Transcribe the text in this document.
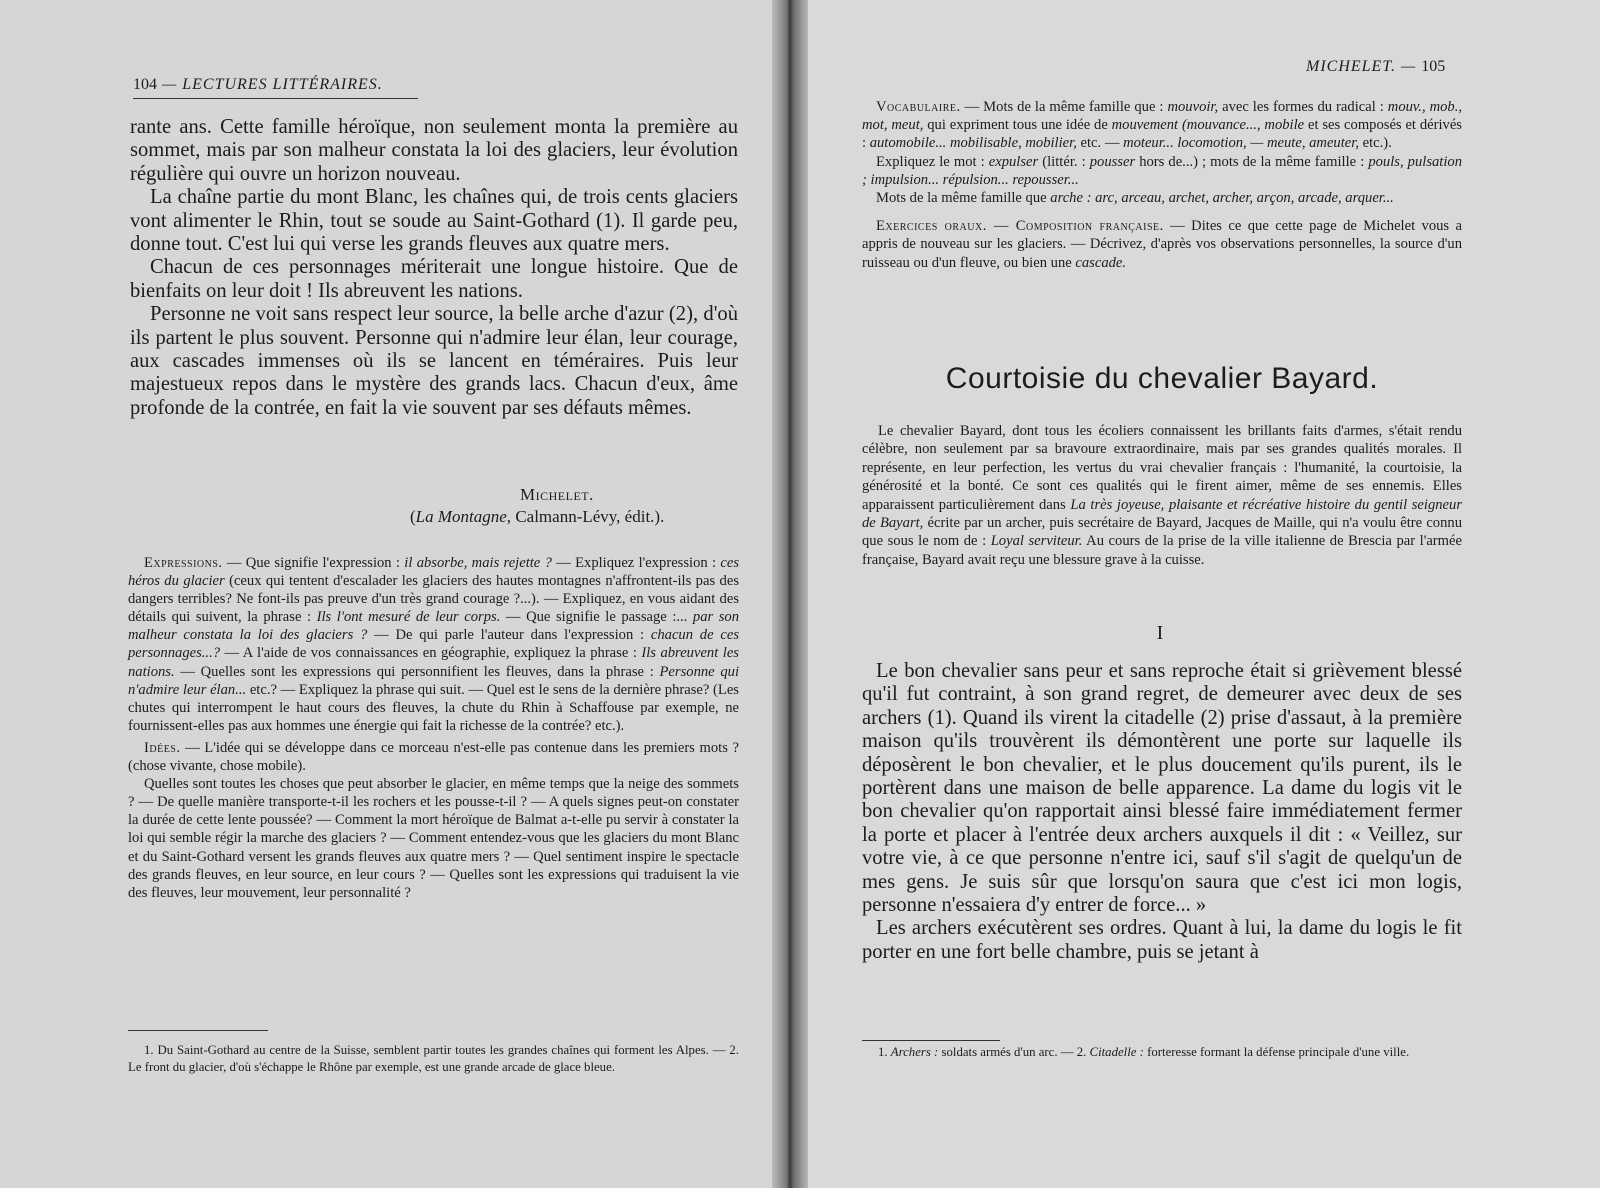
104 — LECTURES LITTÉRAIRES.

rante ans. Cette famille héroïque, non seulement monta la première au sommet, mais par son malheur constata la loi des glaciers, leur évolution régulière qui ouvre un horizon nouveau.

La chaîne partie du mont Blanc, les chaînes qui, de trois cents glaciers vont alimenter le Rhin, tout se soude au Saint-Gothard (1). Il garde peu, donne tout. C'est lui qui verse les grands fleuves aux quatre mers.

Chacun de ces personnages mériterait une longue histoire. Que de bienfaits on leur doit ! Ils abreuvent les nations.

Personne ne voit sans respect leur source, la belle arche d'azur (2), d'où ils partent le plus souvent. Personne qui n'admire leur élan, leur courage, aux cascades immenses où ils se lancent en téméraires. Puis leur majestueux repos dans le mystère des grands lacs. Chacun d'eux, âme profonde de la contrée, en fait la vie souvent par ses défauts mêmes.

Michelet.
(La Montagne, Calmann-Lévy, édit.).

Expressions. — Que signifie l'expression : il absorbe, mais rejette ? — Expliquez l'expression : ces héros du glacier (ceux qui tentent d'escalader les glaciers des hautes montagnes n'affrontent-ils pas des dangers terribles? Ne font-ils pas preuve d'un très grand courage ?...). — Expliquez, en vous aidant des détails qui suivent, la phrase : Ils l'ont mesuré de leur corps. — Que signifie le passage :... par son malheur constata la loi des glaciers ? — De qui parle l'auteur dans l'expression : chacun de ces personnages...? — A l'aide de vos connaissances en géographie, expliquez la phrase : Ils abreuvent les nations. — Quelles sont les expressions qui personnifient les fleuves, dans la phrase : Personne qui n'admire leur élan... etc.? — Expliquez la phrase qui suit. — Quel est le sens de la dernière phrase? (Les chutes qui interrompent le haut cours des fleuves, la chute du Rhin à Schaffouse par exemple, ne fournissent-elles pas aux hommes une énergie qui fait la richesse de la contrée? etc.).

Idées. — L'idée qui se développe dans ce morceau n'est-elle pas contenue dans les premiers mots ? (chose vivante, chose mobile).

Quelles sont toutes les choses que peut absorber le glacier, en même temps que la neige des sommets ? — De quelle manière transporte-t-il les rochers et les pousse-t-il ? — A quels signes peut-on constater la durée de cette lente poussée? — Comment la mort héroïque de Balmat a-t-elle pu servir à constater la loi qui semble régir la marche des glaciers ? — Comment entendez-vous que les glaciers du mont Blanc et du Saint-Gothard versent les grands fleuves aux quatre mers ? — Quel sentiment inspire le spectacle des grands fleuves, en leur source, en leur cours ? — Quelles sont les expressions qui traduisent la vie des fleuves, leur mouvement, leur personnalité ?

1. Du Saint-Gothard au centre de la Suisse, semblent partir toutes les grandes chaînes qui forment les Alpes. — 2. Le front du glacier, d'où s'échappe le Rhône par exemple, est une grande arcade de glace bleue.

MICHELET. — 105

Vocabulaire. — Mots de la même famille que : mouvoir, avec les formes du radical : mouv., mob., mot, meut, qui expriment tous une idée de mouvement (mouvance..., mobile et ses composés et dérivés : automobile... mobilisable, mobilier, etc. — moteur... locomotion, — meute, ameuter, etc.).

Expliquez le mot : expulser (littér. : pousser hors de...) ; mots de la même famille : pouls, pulsation ; impulsion... répulsion... repousser...

Mots de la même famille que arche : arc, arceau, archet, archer, arçon, arcade, arquer...

Exercices oraux. — Composition française. — Dites ce que cette page de Michelet vous a appris de nouveau sur les glaciers. — Décrivez, d'après vos observations personnelles, la source d'un ruisseau ou d'un fleuve, ou bien une cascade.

Courtoisie du chevalier Bayard.

Le chevalier Bayard, dont tous les écoliers connaissent les brillants faits d'armes, s'était rendu célèbre, non seulement par sa bravoure extraordinaire, mais par ses grandes qualités morales. Il représente, en leur perfection, les vertus du vrai chevalier français : l'humanité, la courtoisie, la générosité et la bonté. Ce sont ces qualités qui le firent aimer, même de ses ennemis. Elles apparaissent particulièrement dans La très joyeuse, plaisante et récréative histoire du gentil seigneur de Bayart, écrite par un archer, puis secrétaire de Bayard, Jacques de Maille, qui n'a voulu être connu que sous le nom de : Loyal serviteur. Au cours de la prise de la ville italienne de Brescia par l'armée française, Bayard avait reçu une blessure grave à la cuisse.

I

Le bon chevalier sans peur et sans reproche était si grièvement blessé qu'il fut contraint, à son grand regret, de demeurer avec deux de ses archers (1). Quand ils virent la citadelle (2) prise d'assaut, à la première maison qu'ils trouvèrent ils démontèrent une porte sur laquelle ils déposèrent le bon chevalier, et le plus doucement qu'ils purent, ils le portèrent dans une maison de belle apparence. La dame du logis vit le bon chevalier qu'on rapportait ainsi blessé faire immédiatement fermer la porte et placer à l'entrée deux archers auxquels il dit : « Veillez, sur votre vie, à ce que personne n'entre ici, sauf s'il s'agit de quelqu'un de mes gens. Je suis sûr que lorsqu'on saura que c'est ici mon logis, personne n'essaiera d'y entrer de force... »

Les archers exécutèrent ses ordres. Quant à lui, la dame du logis le fit porter en une fort belle chambre, puis se jetant à

1. Archers : soldats armés d'un arc. — 2. Citadelle : forteresse formant la défense principale d'une ville.
